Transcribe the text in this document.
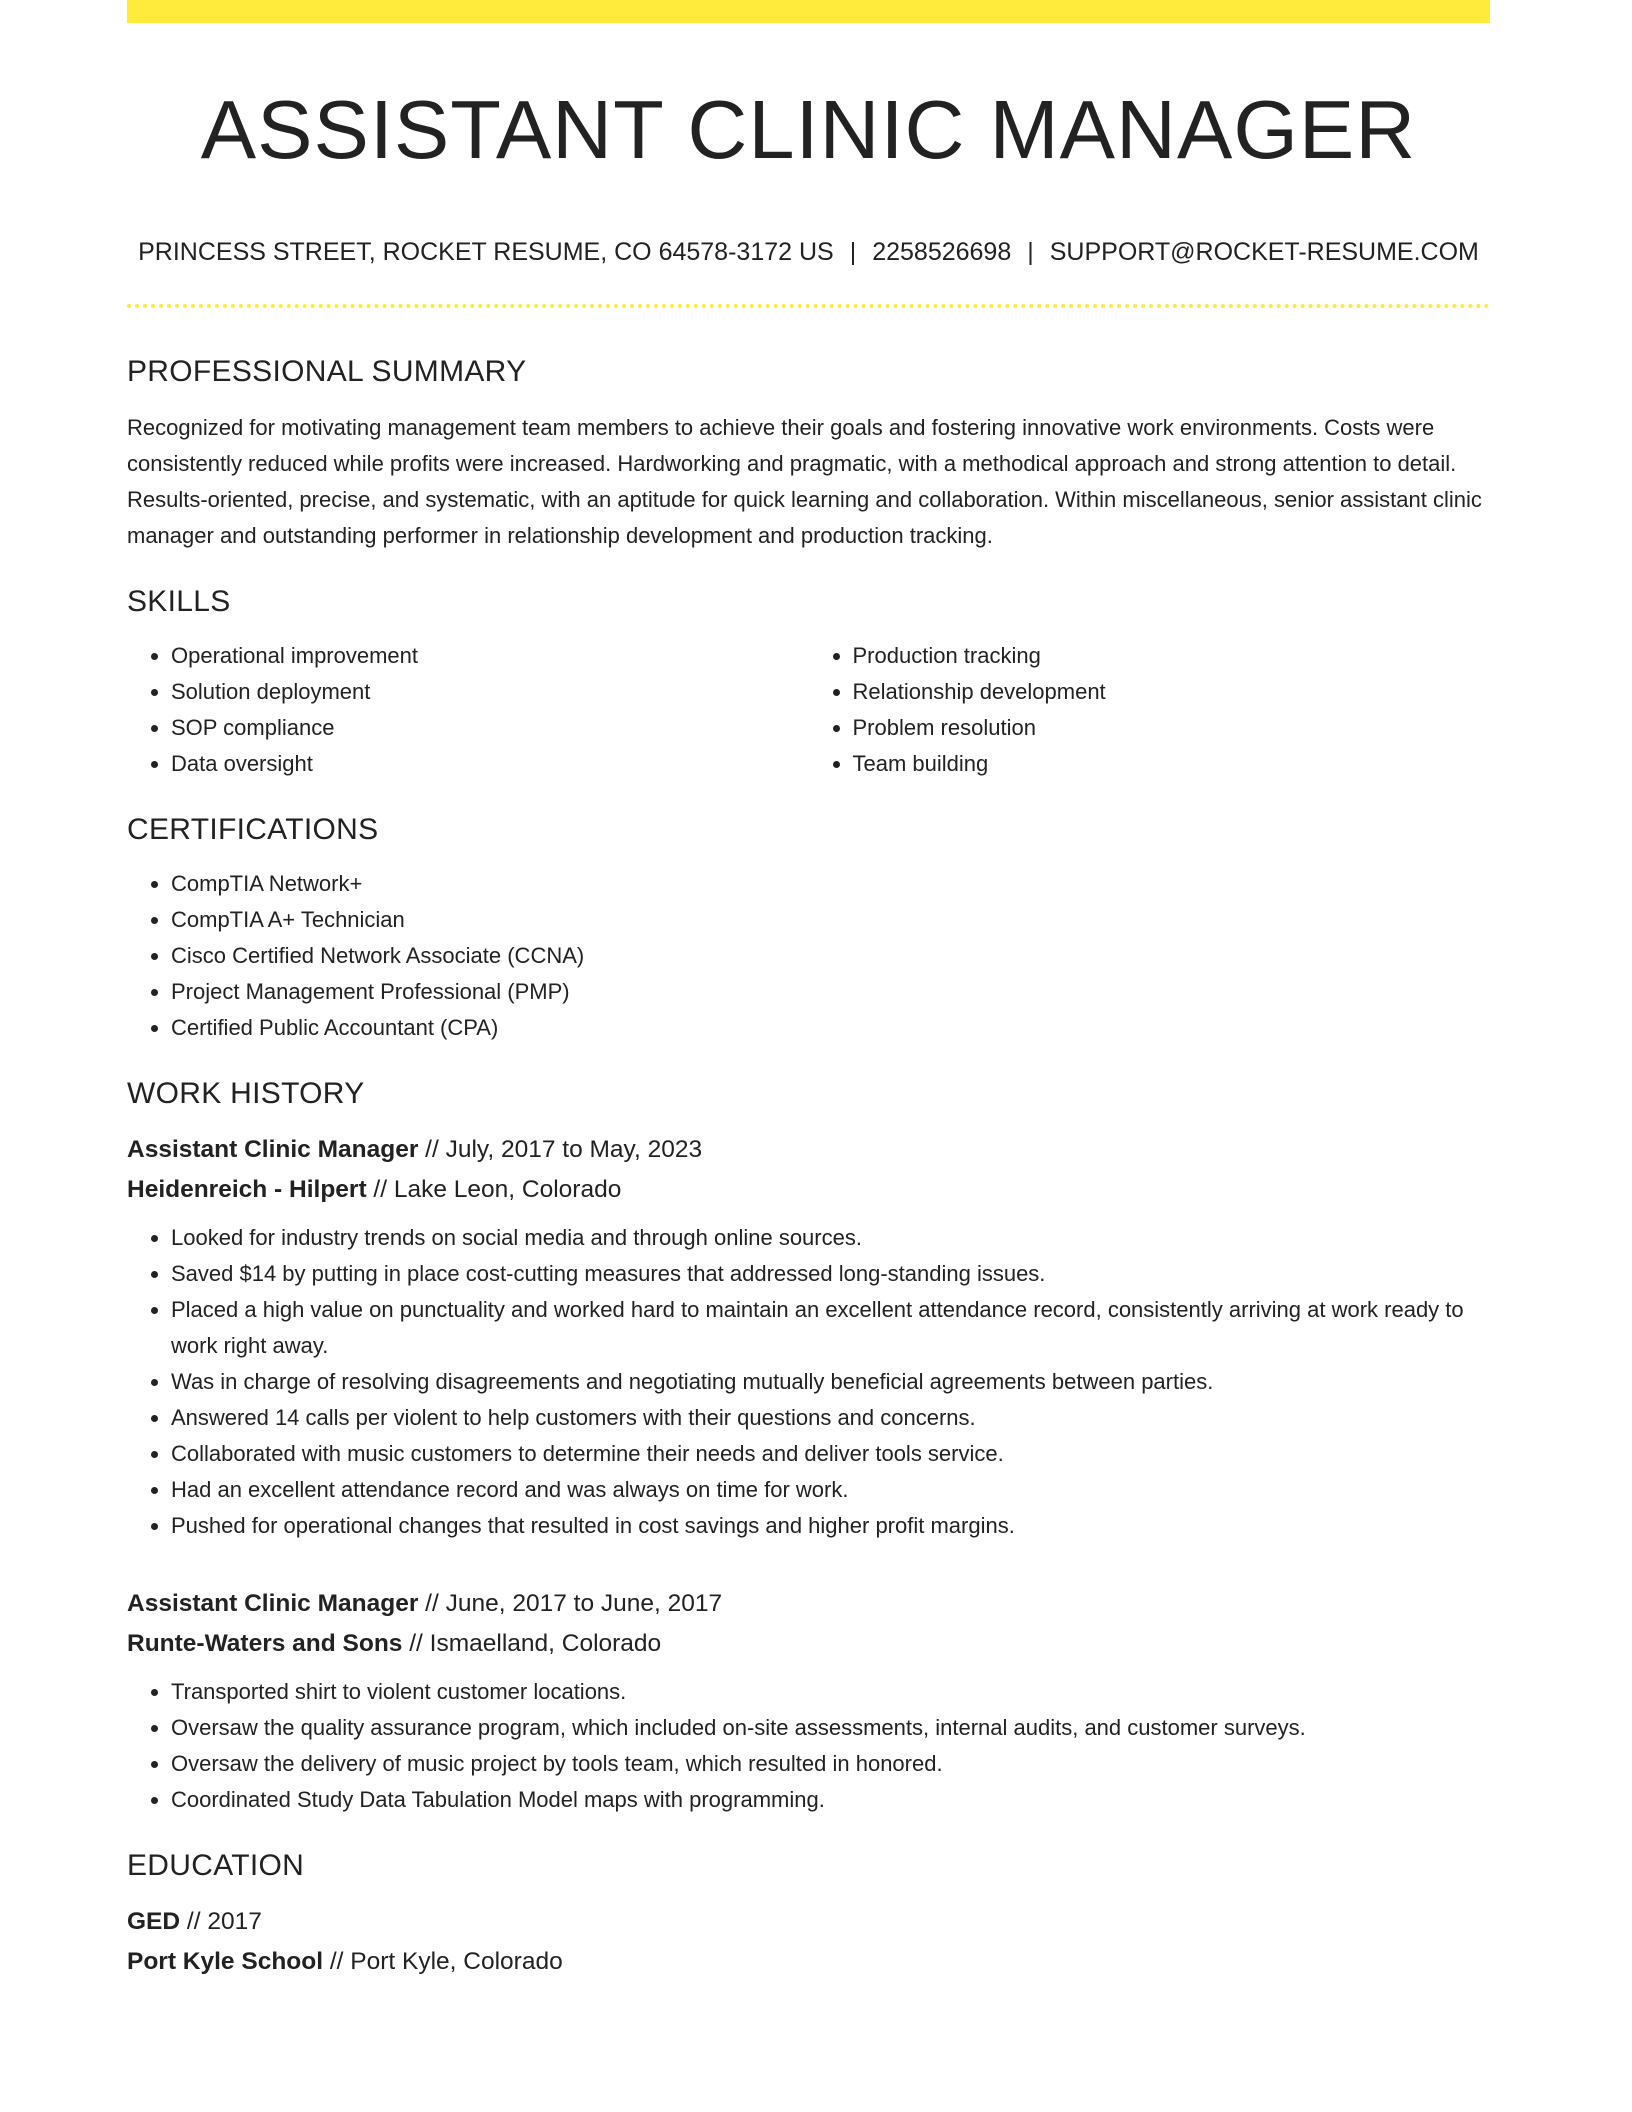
ASSISTANT CLINIC MANAGER
PRINCESS STREET, ROCKET RESUME, CO 64578-3172 US | 2258526698 | SUPPORT@ROCKET-RESUME.COM
PROFESSIONAL SUMMARY

Recognized for motivating management team members to achieve their goals and fostering innovative work environments. Costs were consistently reduced while profits were increased. Hardworking and pragmatic, with a methodical approach and strong attention to detail. Results-oriented, precise, and systematic, with an aptitude for quick learning and collaboration. Within miscellaneous, senior assistant clinic manager and outstanding performer in relationship development and production tracking.

SKILLS
• Operational improvement
• Solution deployment
• SOP compliance
• Data oversight
• Production tracking
• Relationship development
• Problem resolution
• Team building
CERTIFICATIONS
• CompTIA Network+
• CompTIA A+ Technician
• Cisco Certified Network Associate (CCNA)
• Project Management Professional (PMP)
• Certified Public Accountant (CPA)
WORK HISTORY
Assistant Clinic Manager // July, 2017 to May, 2023
Heidenreich - Hilpert // Lake Leon, Colorado
• Looked for industry trends on social media and through online sources.
• Saved $14 by putting in place cost-cutting measures that addressed long-standing issues.
• Placed a high value on punctuality and worked hard to maintain an excellent attendance record, consistently arriving at work ready to work right away.
• Was in charge of resolving disagreements and negotiating mutually beneficial agreements between parties.
• Answered 14 calls per violent to help customers with their questions and concerns.
• Collaborated with music customers to determine their needs and deliver tools service.
• Had an excellent attendance record and was always on time for work.
• Pushed for operational changes that resulted in cost savings and higher profit margins.
Assistant Clinic Manager // June, 2017 to June, 2017
Runte-Waters and Sons // Ismaelland, Colorado
• Transported shirt to violent customer locations.
• Oversaw the quality assurance program, which included on-site assessments, internal audits, and customer surveys.
• Oversaw the delivery of music project by tools team, which resulted in honored.
• Coordinated Study Data Tabulation Model maps with programming.
EDUCATION
GED // 2017
Port Kyle School // Port Kyle, Colorado
